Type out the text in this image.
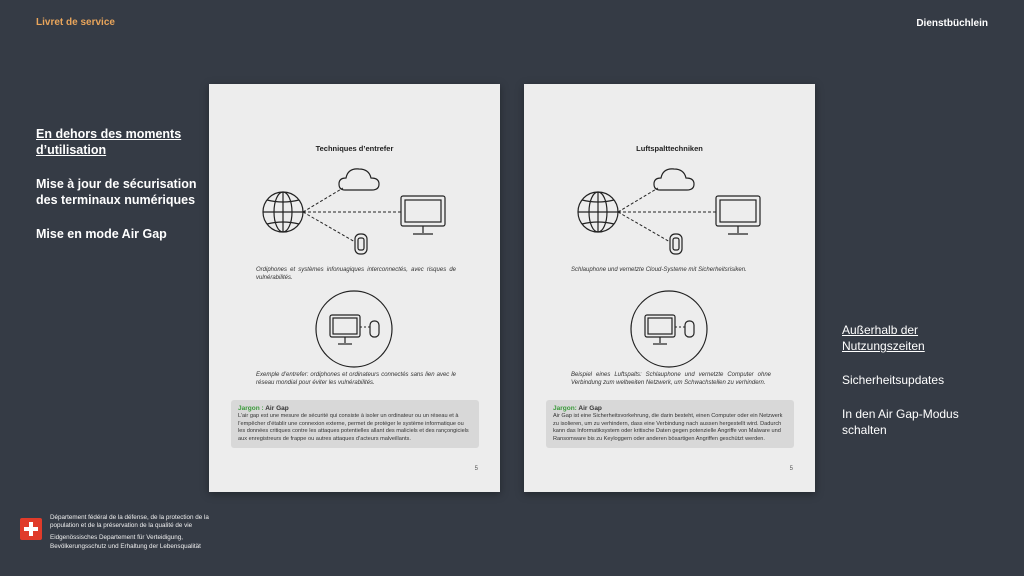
Livret de service	Dienstbüchlein
En dehors des moments d’utilisation
Mise à jour de sécurisation des terminaux numériques
Mise en mode Air Gap
Außerhalb der Nutzungszeiten
Sicherheitsupdates
In den Air Gap-Modus schalten
Techniques d’entrefer
Ordiphones et systèmes infonuagiques interconnectés, avec risques de vulnérabilités.
Exemple d’entrefer: ordiphones et ordinateurs connectés sans lien avec le réseau mondial pour éviter les vulnérabilités.
Jargon : Air Gap
L’air gap est une mesure de sécurité qui consiste à isoler un ordinateur ou un réseau et à l’empêcher d’établir une connexion externe, permet de protéger le système informatique ou les données critiques contre les attaques potentielles allant des maliciels et des rançongiciels aux enregistreurs de frappe ou autres attaques d’acteurs malveillants.
5
Luftspalttechniken
Schlauphone und vernetzte Cloud-Systeme mit Sicherheitsrisiken.
Beispiel eines Luftspalts: Schlauphone und vernetzte Computer ohne Verbindung zum weltweiten Netzwerk, um Schwachstellen zu verhindern.
Jargon: Air Gap
Air Gap ist eine Sicherheitsvorkehrung, die darin besteht, einen Computer oder ein Netzwerk zu isolieren, um zu verhindern, dass eine Verbindung nach aussen hergestellt wird. Dadurch kann das Informatiksystem oder kritische Daten gegen potenzielle Angriffe von Malware und Ransomware bis zu Keyloggern oder anderen bösartigen Angriffen geschützt werden.
5
Département fédéral de la défense, de la protection de la
population et de la préservation de la qualité de vie
Eidgenössisches Departement für Verteidigung,
Bevölkerungsschutz und Erhaltung der Lebensqualität
